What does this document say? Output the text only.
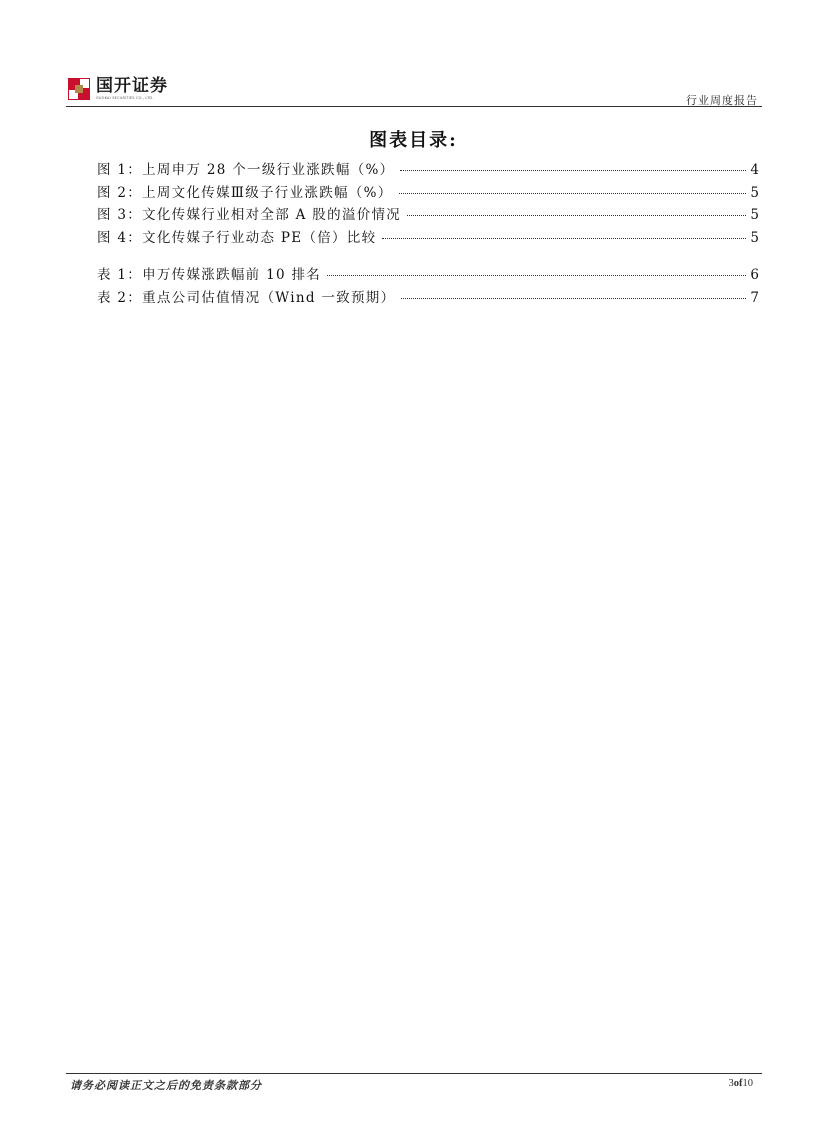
国开证券
GUOKAI SECURITIES CO., LTD.	行业周度报告
图表目录:
图 1：上周申万 28 个一级行业涨跌幅（%）	4
图 2：上周文化传媒Ⅲ级子行业涨跌幅（%）	5
图 3：文化传媒行业相对全部 A 股的溢价情况	5
图 4：文化传媒子行业动态 PE（倍）比较	5
表 1：申万传媒涨跌幅前 10 排名	6
表 2：重点公司估值情况（Wind 一致预期）	7
请务必阅读正文之后的免责条款部分	3of10
